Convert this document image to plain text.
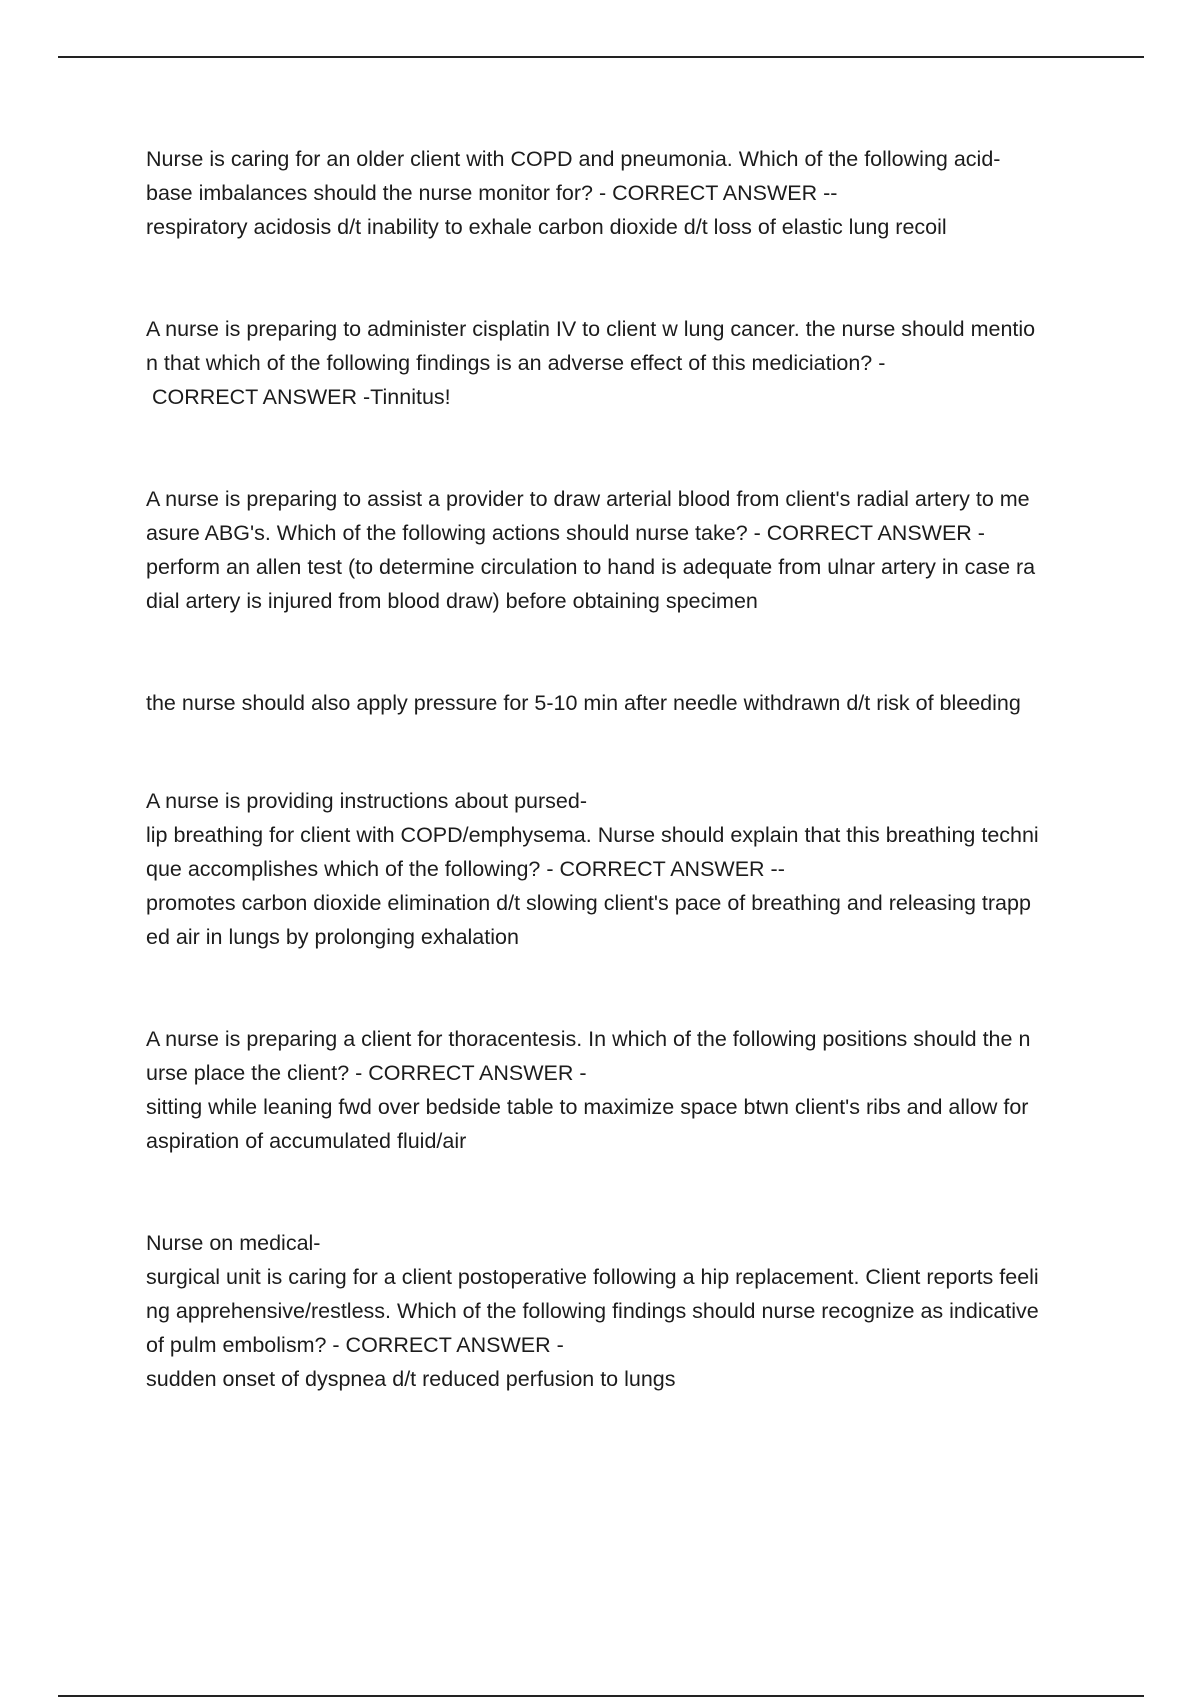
Nurse is caring for an older client with COPD and pneumonia. Which of the following acid-
base imbalances should the nurse monitor for? - CORRECT ANSWER --
respiratory acidosis d/t inability to exhale carbon dioxide d/t loss of elastic lung recoil
A nurse is preparing to administer cisplatin IV to client w lung cancer. the nurse should mentio
n that which of the following findings is an adverse effect of this mediciation? -
CORRECT ANSWER -Tinnitus!
A nurse is preparing to assist a provider to draw arterial blood from client's radial artery to me
asure ABG's. Which of the following actions should nurse take? - CORRECT ANSWER -
perform an allen test (to determine circulation to hand is adequate from ulnar artery in case ra
dial artery is injured from blood draw) before obtaining specimen
the nurse should also apply pressure for 5-10 min after needle withdrawn d/t risk of bleeding
A nurse is providing instructions about pursed-
lip breathing for client with COPD/emphysema. Nurse should explain that this breathing techni
que accomplishes which of the following? - CORRECT ANSWER --
promotes carbon dioxide elimination d/t slowing client's pace of breathing and releasing trapp
ed air in lungs by prolonging exhalation
A nurse is preparing a client for thoracentesis. In which of the following positions should the n
urse place the client? - CORRECT ANSWER -
sitting while leaning fwd over bedside table to maximize space btwn client's ribs and allow for
aspiration of accumulated fluid/air
Nurse on medical-
surgical unit is caring for a client postoperative following a hip replacement. Client reports feeli
ng apprehensive/restless. Which of the following findings should nurse recognize as indicative
of pulm embolism? - CORRECT ANSWER -
sudden onset of dyspnea d/t reduced perfusion to lungs
